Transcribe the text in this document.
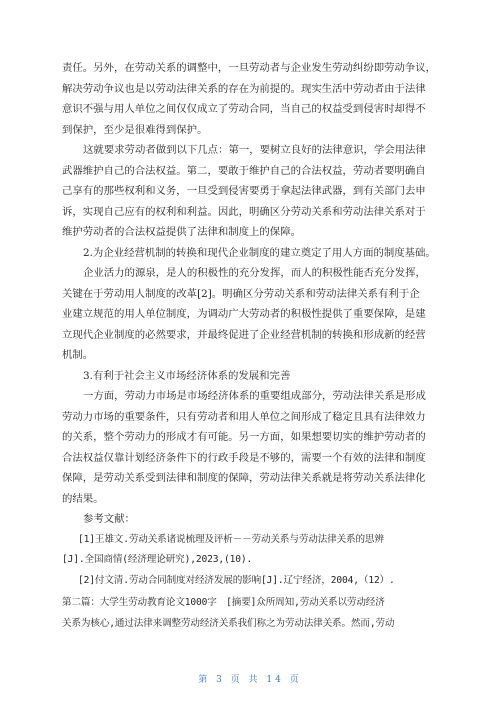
责任。另外，在劳动关系的调整中，一旦劳动者与企业发生劳动纠纷即劳动争议，
解决劳动争议也是以劳动法律关系的存在为前提的。现实生活中劳动者由于法律
意识不强与用人单位之间仅仅成立了劳动合同，当自己的权益受到侵害时却得不
到保护，至少是很难得到保护。
这就要求劳动者做到以下几点：第一，要树立良好的法律意识，学会用法律
武器维护自己的合法权益。第二，要敢于维护自己的合法权益，劳动者要明确自
己享有的那些权利和义务，一旦受到侵害要勇于拿起法律武器，到有关部门去申
诉，实现自己应有的权利和利益。因此，明确区分劳动关系和劳动法律关系对于
维护劳动者的合法权益提供了法律和制度上的保障。
2.为企业经营机制的转换和现代企业制度的建立奠定了用人方面的制度基础。
企业活力的源泉，是人的积极性的充分发挥，而人的积极性能否充分发挥，
关键在于劳动用人制度的改革[2]。明确区分劳动关系和劳动法律关系有利于企
业建立规范的用人单位制度，为调动广大劳动者的积极性提供了重要保障，是建
立现代企业制度的必然要求，并最终促进了企业经营机制的转换和形成新的经营
机制。
3.有利于社会主义市场经济体系的发展和完善
一方面，劳动力市场是市场经济体系的重要组成部分，劳动法律关系是形成
劳动力市场的重要条件，只有劳动者和用人单位之间形成了稳定且具有法律效力
的关系，整个劳动力的形成才有可能。另一方面，如果想要切实的维护劳动者的
合法权益仅靠计划经济条件下的行政手段是不够的，需要一个有效的法律和制度
保障，是劳动关系受到法律和制度的保障，劳动法律关系就是将劳动关系法律化
的结果。
参考文献：
[1]王雄文.劳动关系诸说梳理及评析－－劳动关系与劳动法律关系的思辨
[J].全国商情(经济理论研究),2023,(10).
[2]付文清.劳动合同制度对经济发展的影响[J].辽宁经济，2004,（12）.
第二篇：大学生劳动教育论文1000字　[摘要]众所周知,劳动关系以劳动经济
关系为核心,通过法律来调整劳动经济关系我们称之为劳动法律关系。然而,劳动
第 3 页 共 14 页
